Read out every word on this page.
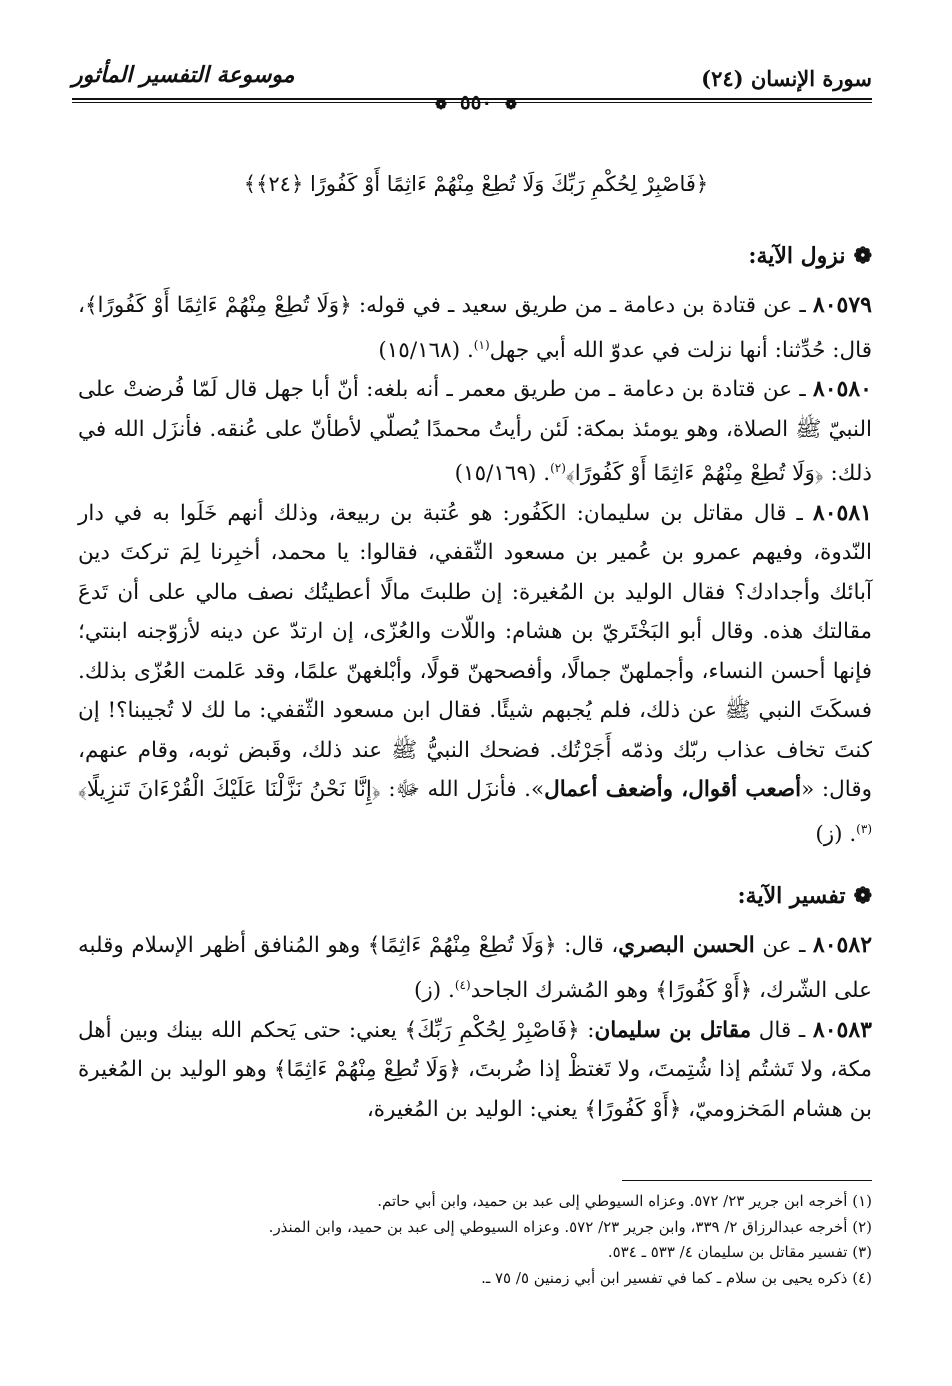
سورة الإنسان (٢٤)
موسوعة التفسير المأثور
❁ ٥٥٠ ❁
﴿فَاصْبِرْ لِحُكْمِ رَبِّكَ وَلَا تُطِعْ مِنْهُمْ ءَاثِمًا أَوْ كَفُورًا ﴿٢٤﴾﴾
❁نزول الآية:

٨٠٥٧٩ ـ عن قتادة بن دعامة ـ من طريق سعيد ـ في قوله: ﴿وَلَا تُطِعْ مِنْهُمْ ءَاثِمًا أَوْ كَفُورًا﴾، قال: حُدِّثنا: أنها نزلت في عدوّ الله أبي جهل$^{(١)}$. (١٥/١٦٨)

٨٠٥٨٠ ـ عن قتادة بن دعامة ـ من طريق معمر ـ أنه بلغه: أنّ أبا جهل قال لَمّا فُرضتْ على النبيّ ﷺ الصلاة، وهو يومئذ بمكة: لَئن رأيتُ محمدًا يُصلّي لأطأنّ على عُنقه. فأنزَل الله في ذلك: ﴿وَلَا تُطِعْ مِنْهُمْ ءَاثِمًا أَوْ كَفُورًا﴾$^{(٢)}$. (١٥/١٦٩)

٨٠٥٨١ ـ قال مقاتل بن سليمان: الكَفُور: هو عُتبة بن ربيعة، وذلك أنهم خَلَوا به في دار النّدوة، وفيهم عمرو بن عُمير بن مسعود الثّقفي، فقالوا: يا محمد، أخبِرنا لِمَ تركتَ دين آبائك وأجدادك؟ فقال الوليد بن المُغيرة: إن طلبتَ مالًا أعطيتُك نصف مالي على أن تَدعَ مقالتك هذه. وقال أبو البَخْتَريّ بن هشام: واللّات والعُزّى، إن ارتدّ عن دينه لأزوّجنه ابنتي؛ فإنها أحسن النساء، وأجملهنّ جمالًا، وأفصحهنّ قولًا، وأبْلغهنّ علمًا، وقد عَلمت العُزّى بذلك. فسكَتَ النبي ﷺ عن ذلك، فلم يُجبهم شيئًا. فقال ابن مسعود الثّقفي: ما لك لا تُجيبنا؟! إن كنتَ تخاف عذاب ربّك وذمّه أَجَرْتُك. فضحك النبيُّ ﷺ عند ذلك، وقَبض ثوبه، وقام عنهم، وقال: «أصعب أقوال، وأضعف أعمال». فأنزَل الله ﷻ: ﴿إِنَّا نَحْنُ نَزَّلْنَا عَلَيْكَ الْقُرْءَانَ تَنزِيلًا﴾$^{(٣)}$. (ز)

❁تفسير الآية:

٨٠٥٨٢ ـ عن الحسن البصري، قال: ﴿وَلَا تُطِعْ مِنْهُمْ ءَاثِمًا﴾ وهو المُنافق أظهر الإسلام وقلبه على الشّرك، ﴿أَوْ كَفُورًا﴾ وهو المُشرك الجاحد$^{(٤)}$. (ز)

٨٠٥٨٣ ـ قال مقاتل بن سليمان: ﴿فَاصْبِرْ لِحُكْمِ رَبِّكَ﴾ يعني: حتى يَحكم الله بينك وبين أهل مكة، ولا تَشتُم إذا شُتِمتَ، ولا تَغتظْ إذا ضُربتَ، ﴿وَلَا تُطِعْ مِنْهُمْ ءَاثِمًا﴾ وهو الوليد بن المُغيرة بن هشام المَخزوميّ، ﴿أَوْ كَفُورًا﴾ يعني: الوليد بن المُغيرة،

(١) أخرجه ابن جرير ٢٣/ ٥٧٢. وعزاه السيوطي إلى عبد بن حميد، وابن أبي حاتم.

(٢) أخرجه عبدالرزاق ٢/ ٣٣٩، وابن جرير ٢٣/ ٥٧٢. وعزاه السيوطي إلى عبد بن حميد، وابن المنذر.

(٣) تفسير مقاتل بن سليمان ٤/ ٥٣٣ ـ ٥٣٤.

(٤) ذكره يحيى بن سلام ـ كما في تفسير ابن أبي زمنين ٥/ ٧٥ ـ.
